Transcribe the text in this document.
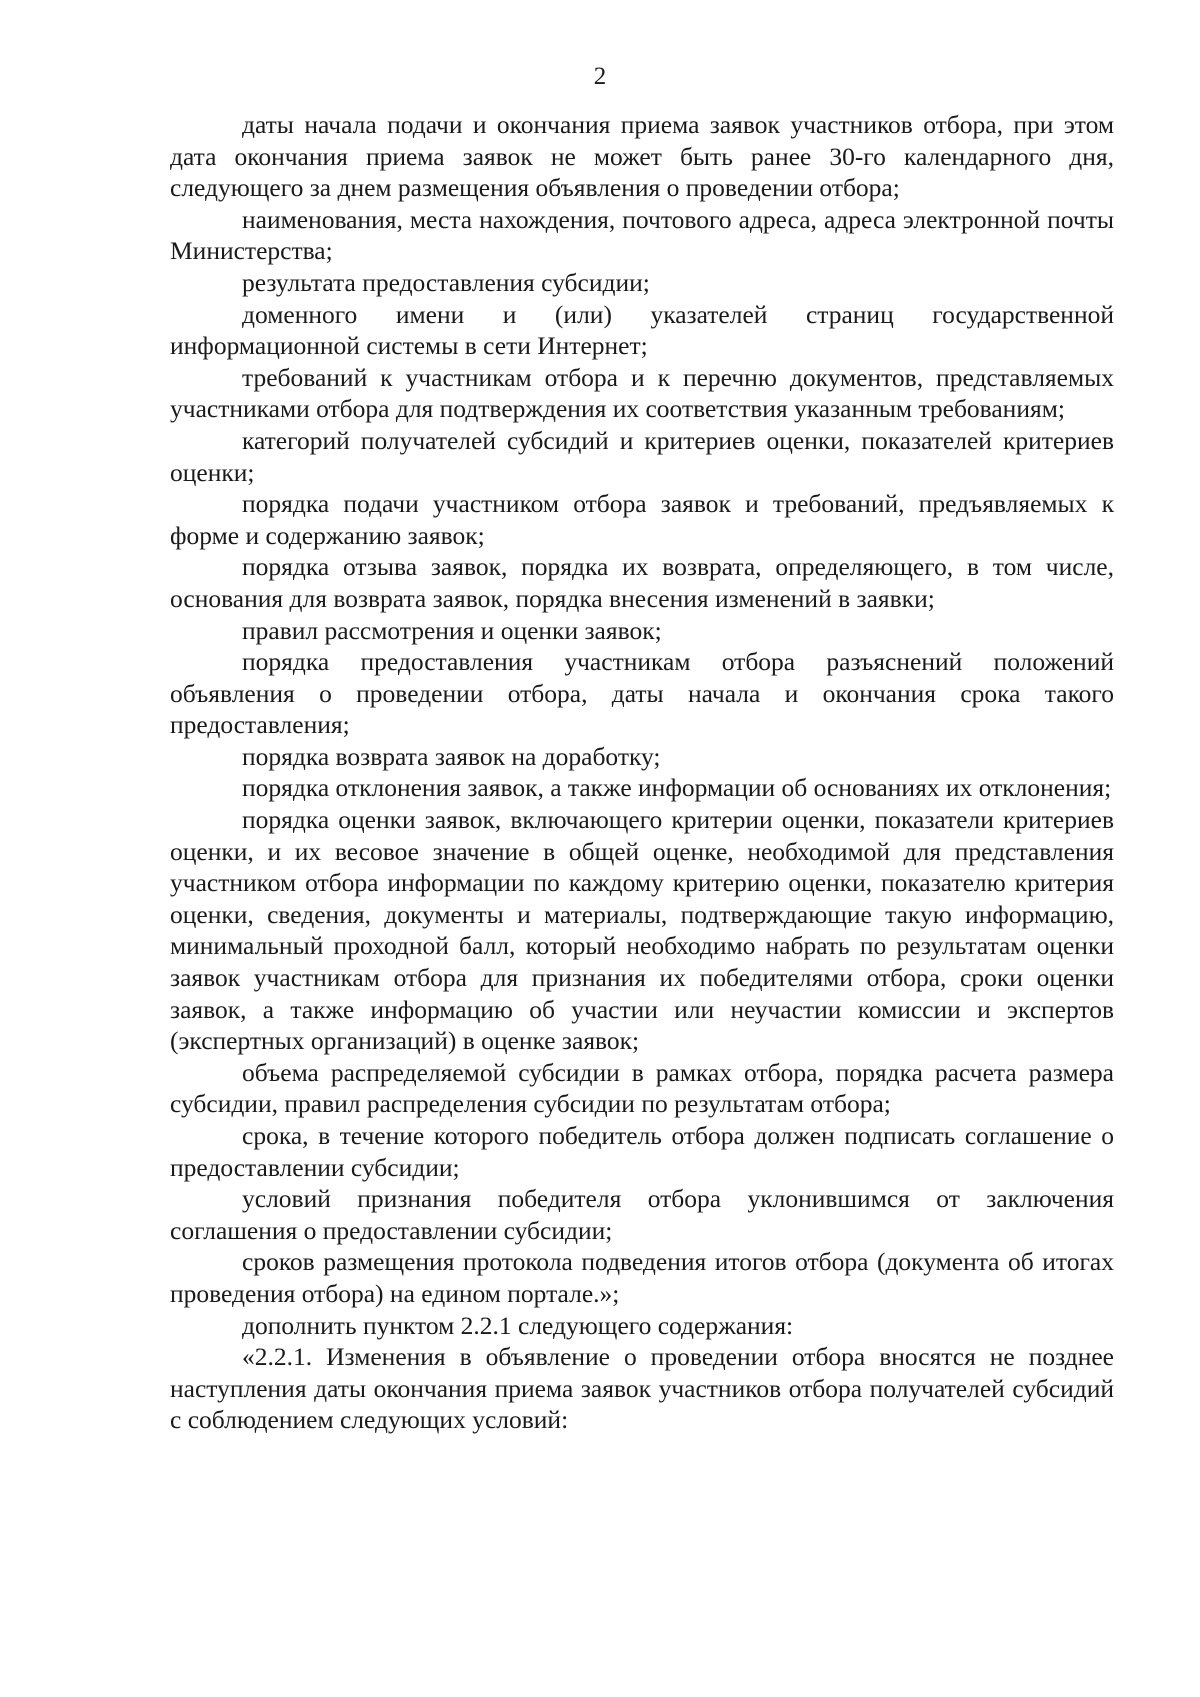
2

даты начала подачи и окончания приема заявок участников отбора, при этом дата окончания приема заявок не может быть ранее 30-го календарного дня, следующего за днем размещения объявления о проведении отбора;

наименования, места нахождения, почтового адреса, адреса электронной почты Министерства;

результата предоставления субсидии;

доменного имени и (или) указателей страниц государственной информационной системы в сети Интернет;

требований к участникам отбора и к перечню документов, представляемых участниками отбора для подтверждения их соответствия указанным требованиям;

категорий получателей субсидий и критериев оценки, показателей критериев оценки;

порядка подачи участником отбора заявок и требований, предъявляемых к форме и содержанию заявок;

порядка отзыва заявок, порядка их возврата, определяющего, в том числе, основания для возврата заявок, порядка внесения изменений в заявки;

правил рассмотрения и оценки заявок;

порядка предоставления участникам отбора разъяснений положений объявления о проведении отбора, даты начала и окончания срока такого предоставления;

порядка возврата заявок на доработку;

порядка отклонения заявок, а также информации об основаниях их отклонения;

порядка оценки заявок, включающего критерии оценки, показатели критериев оценки, и их весовое значение в общей оценке, необходимой для представления участником отбора информации по каждому критерию оценки, показателю критерия оценки, сведения, документы и материалы, подтверждающие такую информацию, минимальный проходной балл, который необходимо набрать по результатам оценки заявок участникам отбора для признания их победителями отбора, сроки оценки заявок, а также информацию об участии или неучастии комиссии и экспертов (экспертных организаций) в оценке заявок;

объема распределяемой субсидии в рамках отбора, порядка расчета размера субсидии, правил распределения субсидии по результатам отбора;

срока, в течение которого победитель отбора должен подписать соглашение о предоставлении субсидии;

условий признания победителя отбора уклонившимся от заключения соглашения о предоставлении субсидии;

сроков размещения протокола подведения итогов отбора (документа об итогах проведения отбора) на едином портале.»;

дополнить пунктом 2.2.1 следующего содержания:

«2.2.1. Изменения в объявление о проведении отбора вносятся не позднее наступления даты окончания приема заявок участников отбора получателей субсидий с соблюдением следующих условий:
